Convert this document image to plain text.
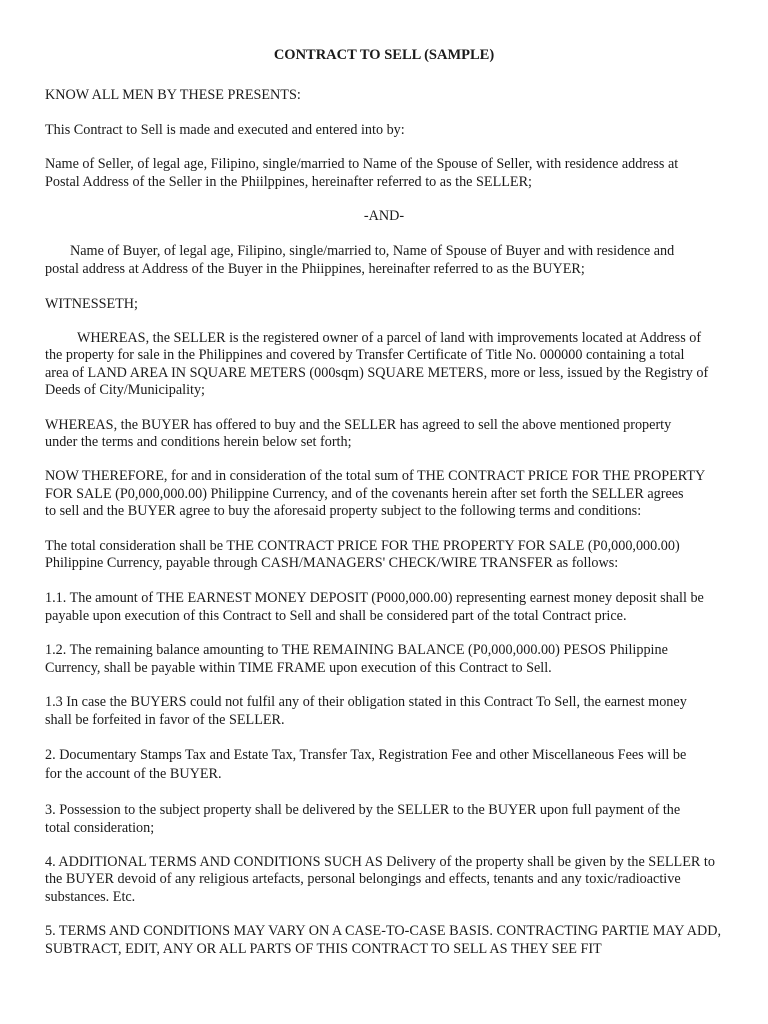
CONTRACT TO SELL (SAMPLE)
KNOW ALL MEN BY THESE PRESENTS:
This Contract to Sell is made and executed and entered into by:
Name of Seller, of legal age, Filipino, single/married to Name of the Spouse of Seller, with residence address at
Postal Address of the Seller in the Phiilppines, hereinafter referred to as the SELLER;
-AND-
Name of Buyer, of legal age, Filipino, single/married to, Name of Spouse of Buyer and with residence and
postal address at Address of the Buyer in the Phiippines, hereinafter referred to as the BUYER;
WITNESSETH;
WHEREAS, the SELLER is the registered owner of a parcel of land with improvements located at Address of
the property for sale in the Philippines and covered by Transfer Certificate of Title No. 000000 containing a total
area of LAND AREA IN SQUARE METERS (000sqm) SQUARE METERS, more or less, issued by the Registry of
Deeds of City/Municipality;
WHEREAS, the BUYER has offered to buy and the SELLER has agreed to sell the above mentioned property
under the terms and conditions herein below set forth;
NOW THEREFORE, for and in consideration of the total sum of THE CONTRACT PRICE FOR THE PROPERTY
FOR SALE (P0,000,000.00) Philippine Currency, and of the covenants herein after set forth the SELLER agrees
to sell and the BUYER agree to buy the aforesaid property subject to the following terms and conditions:
The total consideration shall be THE CONTRACT PRICE FOR THE PROPERTY FOR SALE (P0,000,000.00)
Philippine Currency, payable through CASH/MANAGERS' CHECK/WIRE TRANSFER as follows:
1.1. The amount of THE EARNEST MONEY DEPOSIT (P000,000.00) representing earnest money deposit shall be
payable upon execution of this Contract to Sell and shall be considered part of the total Contract price.
1.2. The remaining balance amounting to THE REMAINING BALANCE (P0,000,000.00) PESOS Philippine
Currency, shall be payable within TIME FRAME upon execution of this Contract to Sell.
1.3 In case the BUYERS could not fulfil any of their obligation stated in this Contract To Sell, the earnest money
shall be forfeited in favor of the SELLER.
2. Documentary Stamps Tax and Estate Tax, Transfer Tax, Registration Fee and other Miscellaneous Fees will be
for the account of the BUYER.
3. Possession to the subject property shall be delivered by the SELLER to the BUYER upon full payment of the
total consideration;
4. ADDITIONAL TERMS AND CONDITIONS SUCH AS Delivery of the property shall be given by the SELLER to
the BUYER devoid of any religious artefacts, personal belongings and effects, tenants and any toxic/radioactive
substances. Etc.
5. TERMS AND CONDITIONS MAY VARY ON A CASE-TO-CASE BASIS. CONTRACTING PARTIE MAY ADD,
SUBTRACT, EDIT, ANY OR ALL PARTS OF THIS CONTRACT TO SELL AS THEY SEE FIT
